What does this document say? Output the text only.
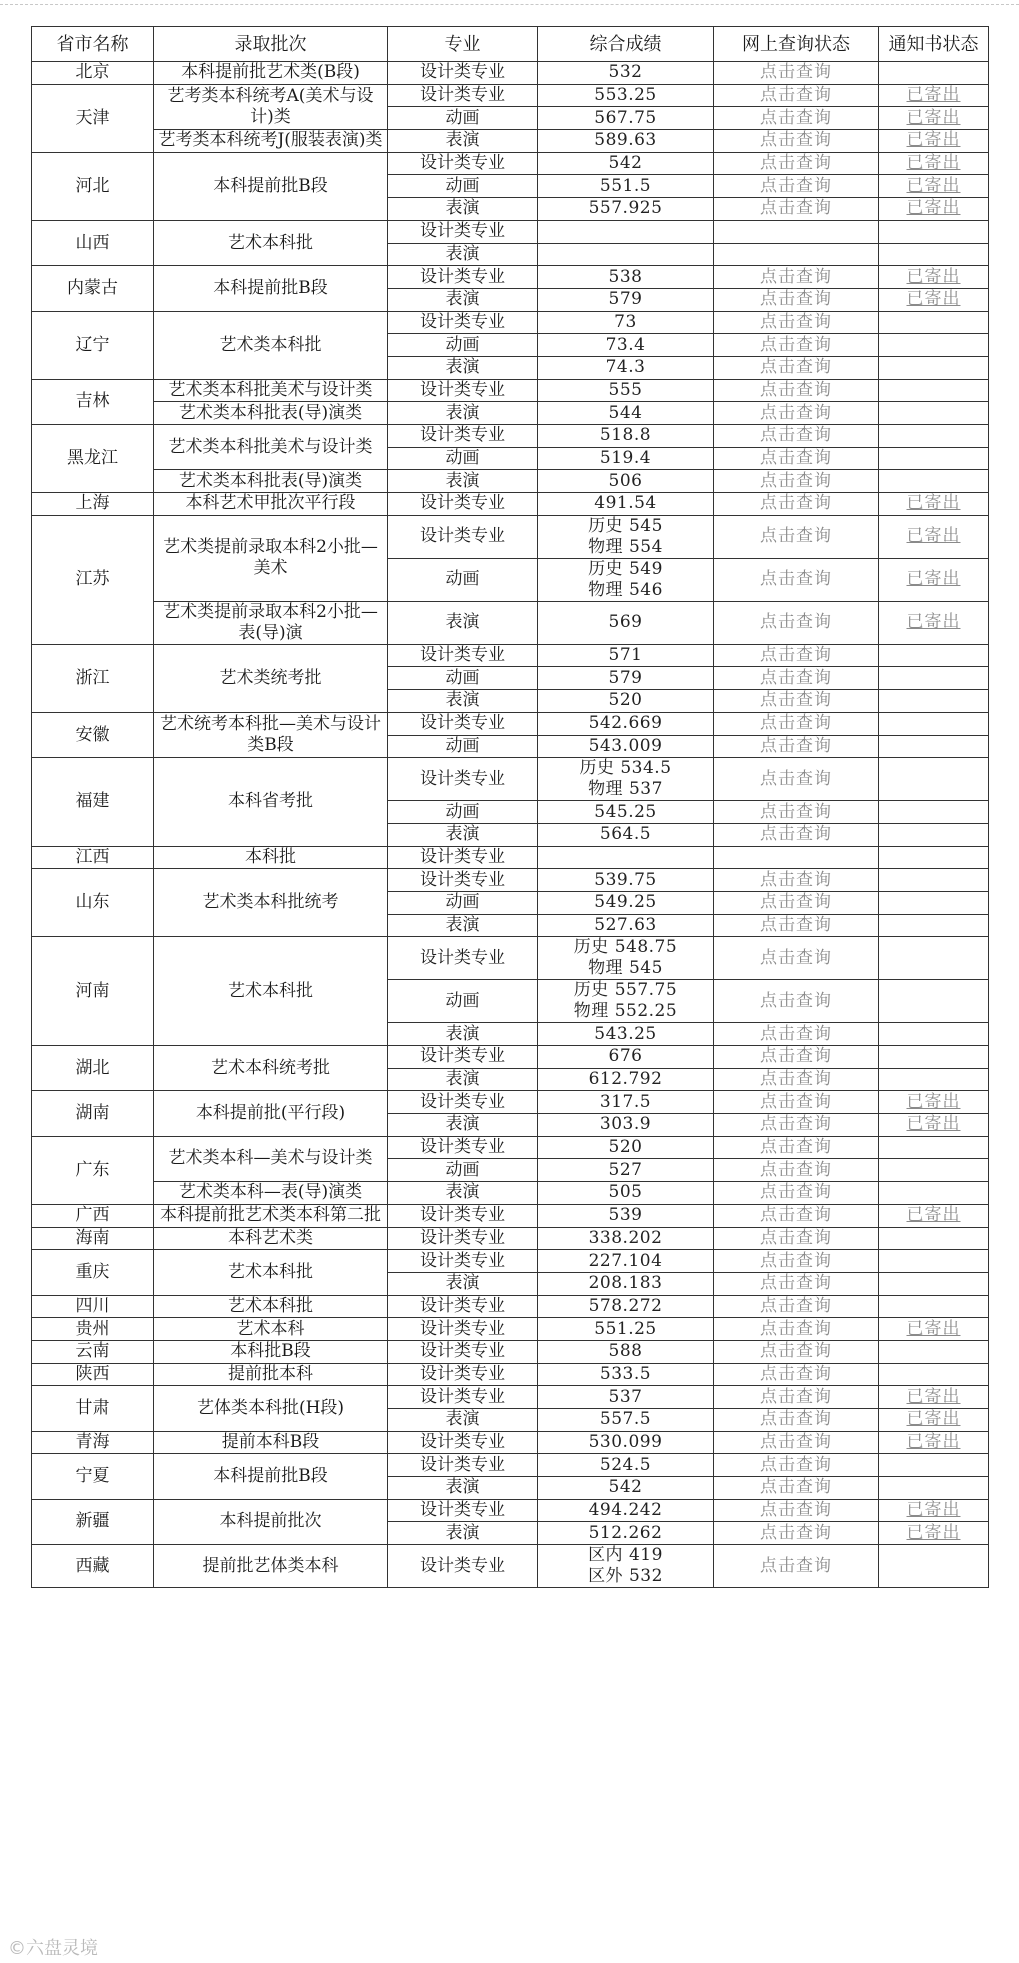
省市名称	录取批次	专业	综合成绩	网上查询状态	通知书状态
北京	本科提前批艺术类(B段)	设计类专业	532	点击查询	
天津	艺考类本科统考A(美术与设计)类	设计类专业	553.25	点击查询	已寄出
		动画	567.75	点击查询	已寄出
	艺考类本科统考J(服装表演)类	表演	589.63	点击查询	已寄出
河北	本科提前批B段	设计类专业	542	点击查询	已寄出
		动画	551.5	点击查询	已寄出
		表演	557.925	点击查询	已寄出
山西	艺术本科批	设计类专业			
		表演			
内蒙古	本科提前批B段	设计类专业	538	点击查询	已寄出
		表演	579	点击查询	已寄出
辽宁	艺术类本科批	设计类专业	73	点击查询	
		动画	73.4	点击查询	
		表演	74.3	点击查询	
吉林	艺术类本科批美术与设计类	设计类专业	555	点击查询	
	艺术类本科批表(导)演类	表演	544	点击查询	
黑龙江	艺术类本科批美术与设计类	设计类专业	518.8	点击查询	
		动画	519.4	点击查询	
	艺术类本科批表(导)演类	表演	506	点击查询	
上海	本科艺术甲批次平行段	设计类专业	491.54	点击查询	已寄出
江苏	艺术类提前录取本科2小批—美术	设计类专业	历史 545
物理 554	点击查询	已寄出
		动画	历史 549
物理 546	点击查询	已寄出
	艺术类提前录取本科2小批—表(导)演	表演	569	点击查询	已寄出
浙江	艺术类统考批	设计类专业	571	点击查询	
		动画	579	点击查询	
		表演	520	点击查询	
安徽	艺术统考本科批—美术与设计类B段	设计类专业	542.669	点击查询	
		动画	543.009	点击查询	
福建	本科省考批	设计类专业	历史 534.5
物理 537	点击查询	
		动画	545.25	点击查询	
		表演	564.5	点击查询	
江西	本科批	设计类专业			
山东	艺术类本科批统考	设计类专业	539.75	点击查询	
		动画	549.25	点击查询	
		表演	527.63	点击查询	
河南	艺术本科批	设计类专业	历史 548.75
物理 545	点击查询	
		动画	历史 557.75
物理 552.25	点击查询	
		表演	543.25	点击查询	
湖北	艺术本科统考批	设计类专业	676	点击查询	
		表演	612.792	点击查询	
湖南	本科提前批(平行段)	设计类专业	317.5	点击查询	已寄出
		表演	303.9	点击查询	已寄出
广东	艺术类本科—美术与设计类	设计类专业	520	点击查询	
		动画	527	点击查询	
	艺术类本科—表(导)演类	表演	505	点击查询	
广西	本科提前批艺术类本科第二批	设计类专业	539	点击查询	已寄出
海南	本科艺术类	设计类专业	338.202	点击查询	
重庆	艺术本科批	设计类专业	227.104	点击查询	
		表演	208.183	点击查询	
四川	艺术本科批	设计类专业	578.272	点击查询	
贵州	艺术本科	设计类专业	551.25	点击查询	已寄出
云南	本科批B段	设计类专业	588	点击查询	
陕西	提前批本科	设计类专业	533.5	点击查询	
甘肃	艺体类本科批(H段)	设计类专业	537	点击查询	已寄出
		表演	557.5	点击查询	已寄出
青海	提前本科B段	设计类专业	530.099	点击查询	已寄出
宁夏	本科提前批B段	设计类专业	524.5	点击查询	
		表演	542	点击查询	
新疆	本科提前批次	设计类专业	494.242	点击查询	已寄出
		表演	512.262	点击查询	已寄出
西藏	提前批艺体类本科	设计类专业	区内 419
区外 532	点击查询	
©六盘灵境
